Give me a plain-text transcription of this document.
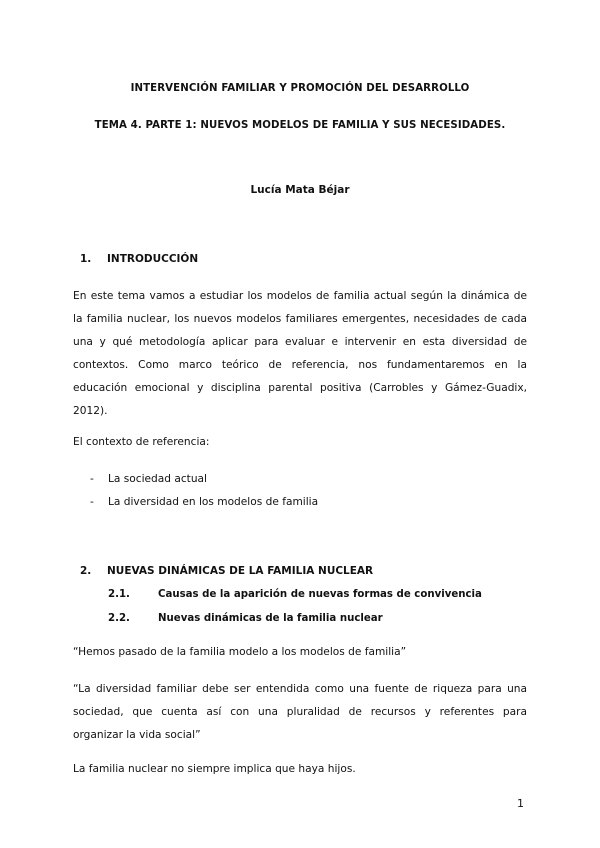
INTERVENCIÓN FAMILIAR Y PROMOCIÓN DEL DESARROLLO
TEMA 4. PARTE 1: NUEVOS MODELOS DE FAMILIA Y SUS NECESIDADES.
Lucía Mata Béjar
1. INTRODUCCIÓN
En este tema vamos a estudiar los modelos de familia actual según la dinámica de
la familia nuclear, los nuevos modelos familiares emergentes, necesidades de cada
una y qué metodología aplicar para evaluar e intervenir en esta diversidad de
contextos. Como marco teórico de referencia, nos fundamentaremos en la
educación emocional y disciplina parental positiva (Carrobles y Gámez-Guadix,
2012).
El contexto de referencia:
- La sociedad actual
- La diversidad en los modelos de familia
2. NUEVAS DINÁMICAS DE LA FAMILIA NUCLEAR
2.1.	Causas de la aparición de nuevas formas de convivencia
2.2.	Nuevas dinámicas de la familia nuclear
“Hemos pasado de la familia modelo a los modelos de familia”
“La diversidad familiar debe ser entendida como una fuente de riqueza para una
sociedad, que cuenta así con una pluralidad de recursos y referentes para
organizar la vida social”
La familia nuclear no siempre implica que haya hijos.
1
